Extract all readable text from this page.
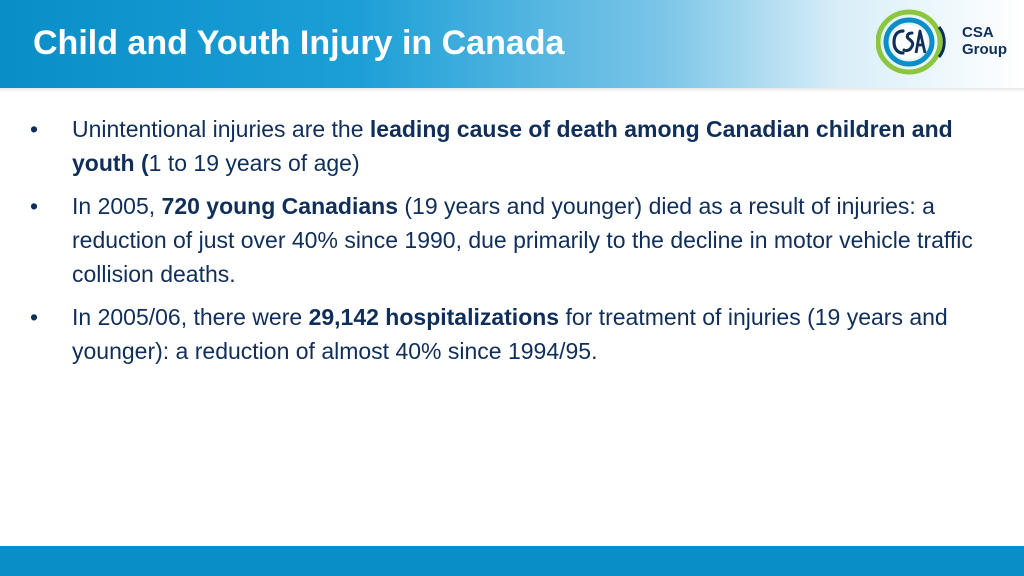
Child and Youth Injury in Canada	CSA
Group
•	Unintentional injuries are the leading cause of death among Canadian children and youth (1 to 19 years of age)
•	In 2005, 720 young Canadians (19 years and younger) died as a result of injuries: a reduction of just over 40% since 1990, due primarily to the decline in motor vehicle traffic collision deaths.
•	In 2005/06, there were 29,142 hospitalizations for treatment of injuries (19 years and younger): a reduction of almost 40% since 1994/95.
